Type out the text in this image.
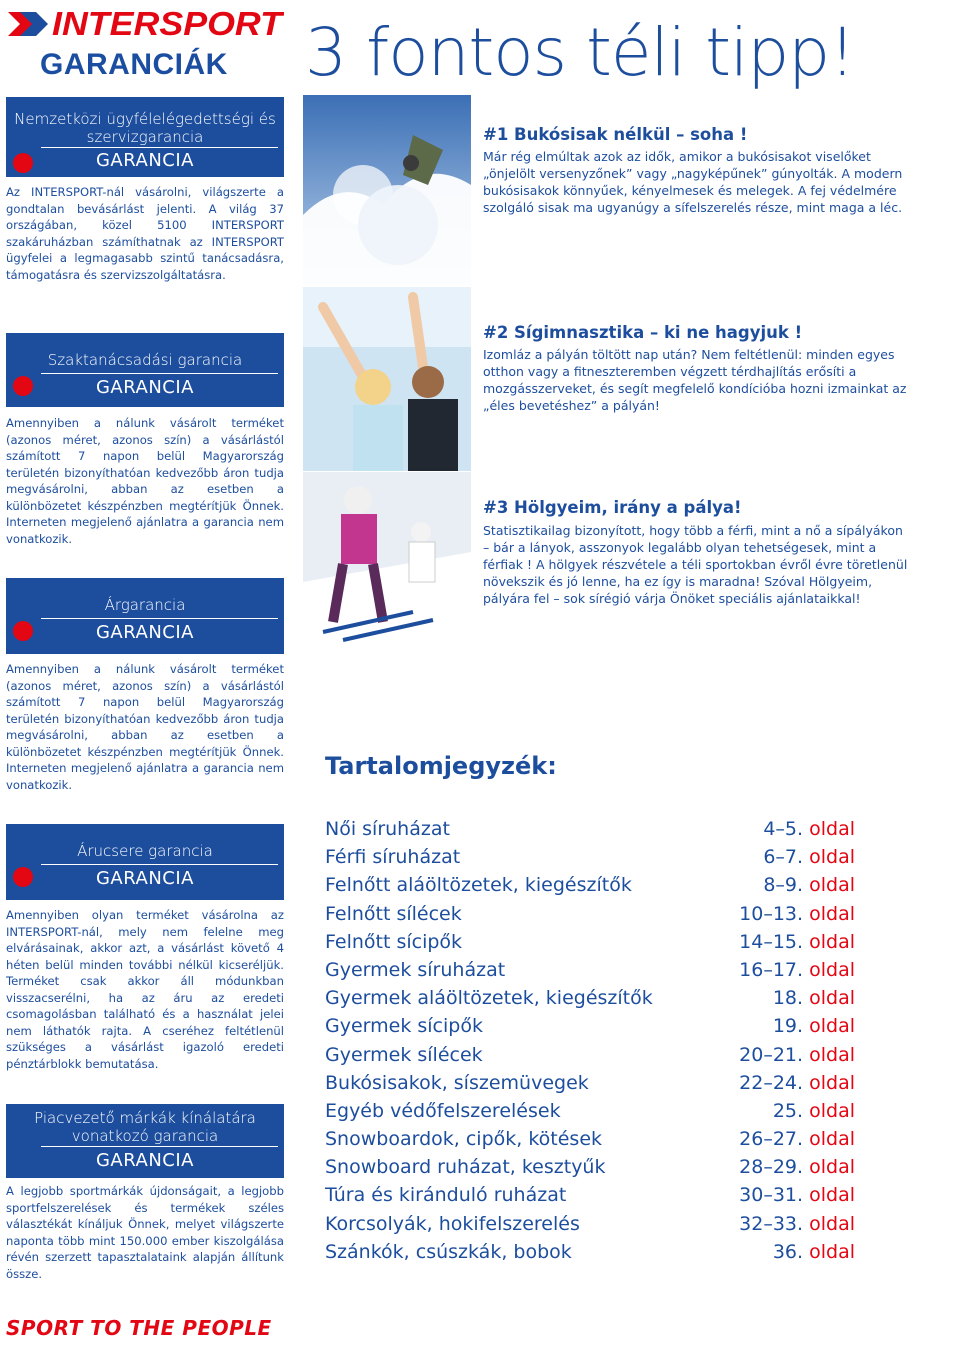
INTERSPORT
GARANCIÁK
Nemzetközi ügyfélelégedettségi és szervizgarancia
GARANCIA
Az INTERSPORT-nál vásárolni, világszerte a gondtalan bevásárlást jelenti. A világ 37 országában, közel 5100 INTERSPORT szakáruházban számíthatnak az INTERSPORT ügyfelei a legmagasabb szintű tanácsadásra, támogatásra és szervizszolgáltatásra.
Szaktanácsadási garancia
GARANCIA
Amennyiben a nálunk vásárolt terméket (azonos méret, azonos szín) a vásárlástól számított 7 napon belül Magyarország területén bizonyíthatóan kedvezőbb áron tudja megvásárolni, abban az esetben a különbözetet készpénzben megtérítjük Önnek. Interneten megjelenő ajánlatra a garancia nem vonatkozik.
Árgarancia
GARANCIA
Amennyiben a nálunk vásárolt terméket (azonos méret, azonos szín) a vásárlástól számított 7 napon belül Magyarország területén bizonyíthatóan kedvezőbb áron tudja megvásárolni, abban az esetben a különbözetet készpénzben megtérítjük Önnek. Interneten megjelenő ajánlatra a garancia nem vonatkozik.
Árucsere garancia
GARANCIA
Amennyiben olyan terméket vásárolna az INTERSPORT-nál, mely nem felelne meg elvárásainak, akkor azt, a vásárlást követő 4 héten belül minden további nélkül kicseréljük. Terméket csak akkor áll módunkban visszacserélni, ha az áru az eredeti csomagolásban található és a használat jelei nem láthatók rajta. A cseréhez feltétlenül szükséges a vásárlást igazoló eredeti pénztárblokk bemutatása.
Piacvezető márkák kínálatára vonatkozó garancia
GARANCIA
A legjobb sportmárkák újdonságait, a legjobb sportfelszerelések és termékek széles választékát kínáljuk Önnek, melyet világszerte naponta több mint 150.000 ember kiszolgálása révén szerzett tapasztalataink alapján állítunk össze.
3 fontos téli tipp!
#1 Bukósisak nélkül – soha !
Már rég elmúltak azok az idők, amikor a bukósisakot viselőket „önjelölt versenyzőnek” vagy „nagyképűnek” gúnyolták. A modern bukósisakok könnyűek, kényelmesek és melegek. A fej védelmére szolgáló sisak ma ugyanúgy a sífelszerelés része, mint maga a léc.
#2 Sígimnasztika – ki ne hagyjuk !
Izomláz a pályán töltött nap után? Nem feltétlenül: minden egyes otthon vagy a fitneszteremben végzett térdhajlítás erősíti a mozgásszerveket, és segít megfelelő kondícióba hozni izmainkat az „éles bevetéshez” a pályán!
#3 Hölgyeim, irány a pálya!
Statisztikailag bizonyított, hogy több a férfi, mint a nő a sípályákon – bár a lányok, asszonyok legalább olyan tehetségesek, mint a férfiak ! A hölgyek részvétele a téli sportokban évről évre töretlenül növekszik és jó lenne, ha ez így is maradna! Szóval Hölgyeim, pályára fel – sok sírégió várja Önöket speciális ajánlataikkal!
Tartalomjegyzék:
Női síruházat	4–5. oldal
Férfi síruházat	6–7. oldal
Felnőtt aláöltözetek, kiegészítők	8–9. oldal
Felnőtt sílécek	10–13. oldal
Felnőtt sícipők	14–15. oldal
Gyermek síruházat	16–17. oldal
Gyermek aláöltözetek, kiegészítők	18. oldal
Gyermek sícipők	19. oldal
Gyermek sílécek	20–21. oldal
Bukósisakok, síszemüvegek	22–24. oldal
Egyéb védőfelszerelések	25. oldal
Snowboardok, cipők, kötések	26–27. oldal
Snowboard ruházat, kesztyűk	28–29. oldal
Túra és kiránduló ruházat	30–31. oldal
Korcsolyák, hokifelszerelés	32–33. oldal
Szánkók, csúszkák, bobok	36. oldal
SPORT TO THE PEOPLE
